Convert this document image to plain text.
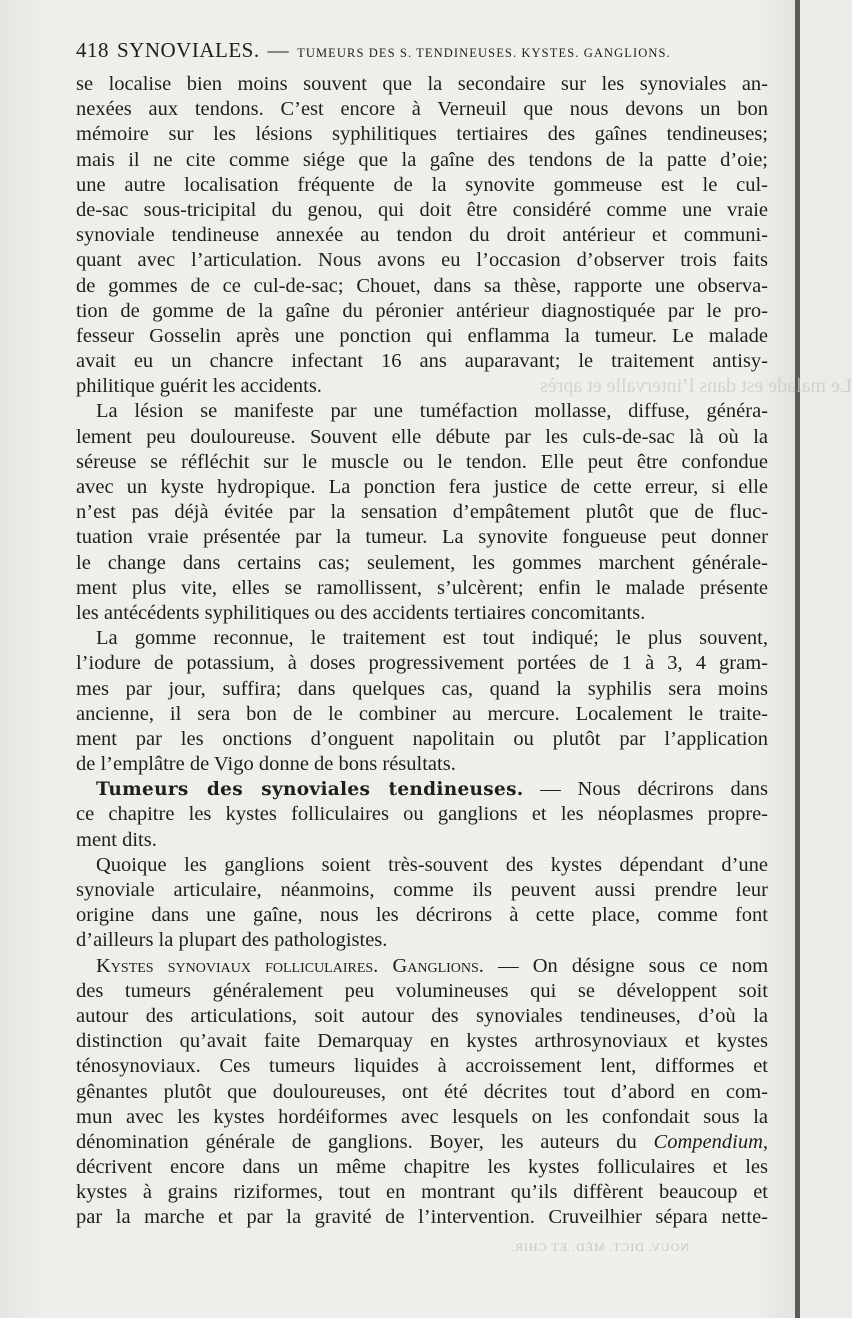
Le malade est dans l’intervalle et après
418 SYNOVIALES. — TUMEURS DES S. TENDINEUSES. KYSTES. GANGLIONS.
se localise bien moins souvent que la secondaire sur les synoviales an-
nexées aux tendons. C’est encore à Verneuil que nous devons un bon
mémoire sur les lésions syphilitiques tertiaires des gaînes tendineuses;
mais il ne cite comme siége que la gaîne des tendons de la patte d’oie;
une autre localisation fréquente de la synovite gommeuse est le cul-
de-sac sous-tricipital du genou, qui doit être considéré comme une vraie
synoviale tendineuse annexée au tendon du droit antérieur et communi-
quant avec l’articulation. Nous avons eu l’occasion d’observer trois faits
de gommes de ce cul-de-sac; Chouet, dans sa thèse, rapporte une observa-
tion de gomme de la gaîne du péronier antérieur diagnostiquée par le pro-
fesseur Gosselin après une ponction qui enflamma la tumeur. Le malade
avait eu un chancre infectant 16 ans auparavant; le traitement antisy-
philitique guérit les accidents.
La lésion se manifeste par une tuméfaction mollasse, diffuse, généra-
lement peu douloureuse. Souvent elle débute par les culs-de-sac là où la
séreuse se réfléchit sur le muscle ou le tendon. Elle peut être confondue
avec un kyste hydropique. La ponction fera justice de cette erreur, si elle
n’est pas déjà évitée par la sensation d’empâtement plutôt que de fluc-
tuation vraie présentée par la tumeur. La synovite fongueuse peut donner
le change dans certains cas; seulement, les gommes marchent générale-
ment plus vite, elles se ramollissent, s’ulcèrent; enfin le malade présente
les antécédents syphilitiques ou des accidents tertiaires concomitants.
La gomme reconnue, le traitement est tout indiqué; le plus souvent,
l’iodure de potassium, à doses progressivement portées de 1 à 3, 4 gram-
mes par jour, suffira; dans quelques cas, quand la syphilis sera moins
ancienne, il sera bon de le combiner au mercure. Localement le traite-
ment par les onctions d’onguent napolitain ou plutôt par l’application
de l’emplâtre de Vigo donne de bons résultats.
Tumeurs des synoviales tendineuses. — Nous décrirons dans
ce chapitre les kystes folliculaires ou ganglions et les néoplasmes propre-
ment dits.
Quoique les ganglions soient très-souvent des kystes dépendant d’une
synoviale articulaire, néanmoins, comme ils peuvent aussi prendre leur
origine dans une gaîne, nous les décrirons à cette place, comme font
d’ailleurs la plupart des pathologistes.
Kystes synoviaux folliculaires. Ganglions. — On désigne sous ce nom
des tumeurs généralement peu volumineuses qui se développent soit
autour des articulations, soit autour des synoviales tendineuses, d’où la
distinction qu’avait faite Demarquay en kystes arthrosynoviaux et kystes
ténosynoviaux. Ces tumeurs liquides à accroissement lent, difformes et
gênantes plutôt que douloureuses, ont été décrites tout d’abord en com-
mun avec les kystes hordéiformes avec lesquels on les confondait sous la
dénomination générale de ganglions. Boyer, les auteurs du Compendium,
décrivent encore dans un même chapitre les kystes folliculaires et les
kystes à grains riziformes, tout en montrant qu’ils diffèrent beaucoup et
par la marche et par la gravité de l’intervention. Cruveilhier sépara nette-
NOUV. DICT. MÉD. ET CHIR.
